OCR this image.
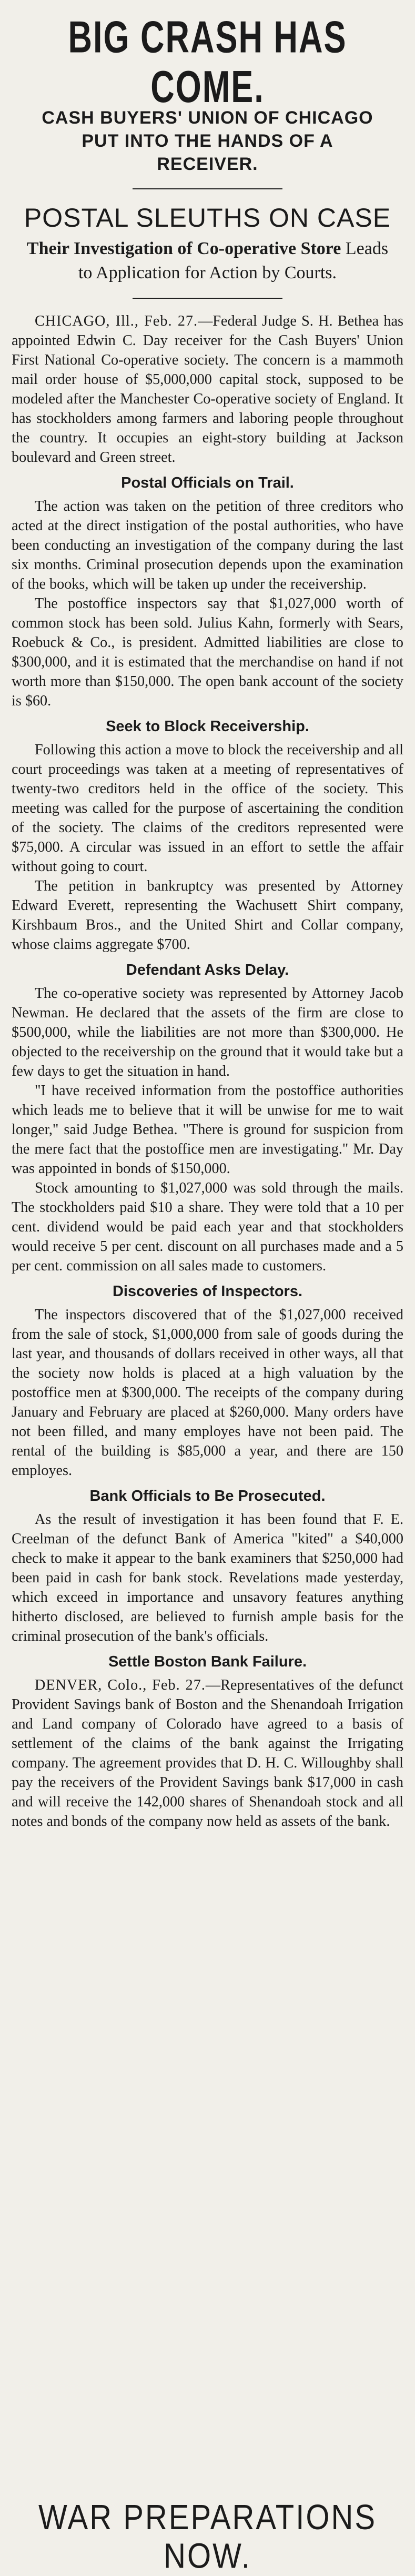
BIG CRASH HAS COME.
CASH BUYERS' UNION OF CHICAGO PUT INTO THE HANDS OF A RECEIVER.
POSTAL SLEUTHS ON CASE
Their Investigation of Co-operative Store Leads to Application for Action by Courts.

CHICAGO, Ill., Feb. 27.—Federal Judge S. H. Bethea has appointed Edwin C. Day receiver for the Cash Buyers' Union First National Co-operative society. The concern is a mammoth mail order house of $5,000,000 capital stock, supposed to be modeled after the Manchester Co-operative society of England. It has stockholders among farmers and laboring people throughout the country. It occupies an eight-story building at Jackson boulevard and Green street.

Postal Officials on Trail.

The action was taken on the petition of three creditors who acted at the direct instigation of the postal authorities, who have been conducting an investigation of the company during the last six months. Criminal prosecution depends upon the examination of the books, which will be taken up under the receivership.

The postoffice inspectors say that $1,027,000 worth of common stock has been sold. Julius Kahn, formerly with Sears, Roebuck & Co., is president. Admitted liabilities are close to $300,000, and it is estimated that the merchandise on hand if not worth more than $150,000. The open bank account of the society is $60.

Seek to Block Receivership.

Following this action a move to block the receivership and all court proceedings was taken at a meeting of representatives of twenty-two creditors held in the office of the society. This meeting was called for the purpose of ascertaining the condition of the society. The claims of the creditors represented were $75,000. A circular was issued in an effort to settle the affair without going to court.

The petition in bankruptcy was presented by Attorney Edward Everett, representing the Wachusett Shirt company, Kirshbaum Bros., and the United Shirt and Collar company, whose claims aggregate $700.

Defendant Asks Delay.

The co-operative society was represented by Attorney Jacob Newman. He declared that the assets of the firm are close to $500,000, while the liabilities are not more than $300,000. He objected to the receivership on the ground that it would take but a few days to get the situation in hand.

"I have received information from the postoffice authorities which leads me to believe that it will be unwise for me to wait longer," said Judge Bethea. "There is ground for suspicion from the mere fact that the postoffice men are investigating." Mr. Day was appointed in bonds of $150,000.

Stock amounting to $1,027,000 was sold through the mails. The stockholders paid $10 a share. They were told that a 10 per cent. dividend would be paid each year and that stockholders would receive 5 per cent. discount on all purchases made and a 5 per cent. commission on all sales made to customers.

Discoveries of Inspectors.

The inspectors discovered that of the $1,027,000 received from the sale of stock, $1,000,000 from sale of goods during the last year, and thousands of dollars received in other ways, all that the society now holds is placed at a high valuation by the postoffice men at $300,000. The receipts of the company during January and February are placed at $260,000. Many orders have not been filled, and many employes have not been paid. The rental of the building is $85,000 a year, and there are 150 employes.

Bank Officials to Be Prosecuted.

As the result of investigation it has been found that F. E. Creelman of the defunct Bank of America "kited" a $40,000 check to make it appear to the bank examiners that $250,000 had been paid in cash for bank stock. Revelations made yesterday, which exceed in importance and unsavory features anything hitherto disclosed, are believed to furnish ample basis for the criminal prosecution of the bank's officials.

Settle Boston Bank Failure.

DENVER, Colo., Feb. 27.—Representatives of the defunct Provident Savings bank of Boston and the Shenandoah Irrigation and Land company of Colorado have agreed to a basis of settlement of the claims of the bank against the Irrigating company. The agreement provides that D. H. C. Willoughby shall pay the receivers of the Provident Savings bank $17,000 in cash and will receive the 142,000 shares of Shenandoah stock and all notes and bonds of the company now held as assets of the bank.

WAR PREPARATIONS NOW.
